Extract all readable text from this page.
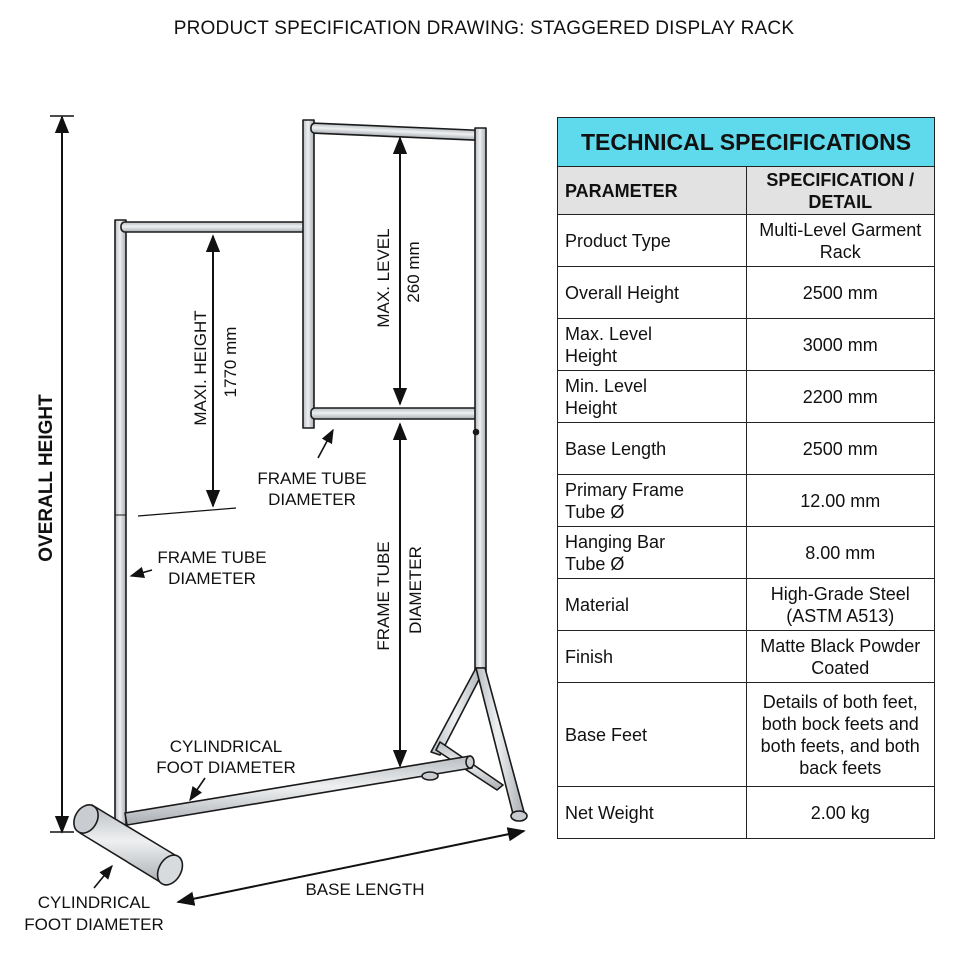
PRODUCT SPECIFICATION DRAWING: STAGGERED DISPLAY RACK
OVERALL HEIGHT
MAXI. HEIGHT 1770 mm
MAX. LEVEL 260 mm
FRAME TUBE DIAMETER
FRAME TUBE
DIAMETER
FRAME TUBE
DIAMETER
CYLINDRICAL
FOOT DIAMETER
CYLINDRICAL
FOOT DIAMETER
BASE LENGTH
TECHNICAL SPECIFICATIONS	
PARAMETER	SPECIFICATION / DETAIL

Product Type	Multi-Level Garment
Rack

Overall Height	2500 mm

Max. Level
Height	3000 mm

Min. Level
Height	2200 mm

Base Length	2500 mm

Primary Frame
Tube Ø	12.00 mm

Hanging Bar
Tube Ø	8.00 mm

Material	High-Grade Steel
(ASTM A513)

Finish	Matte Black Powder
Coated

Base Feet	Details of both feet,
both bock feets and
both feets, and both
back feets

Net Weight	2.00 kg
